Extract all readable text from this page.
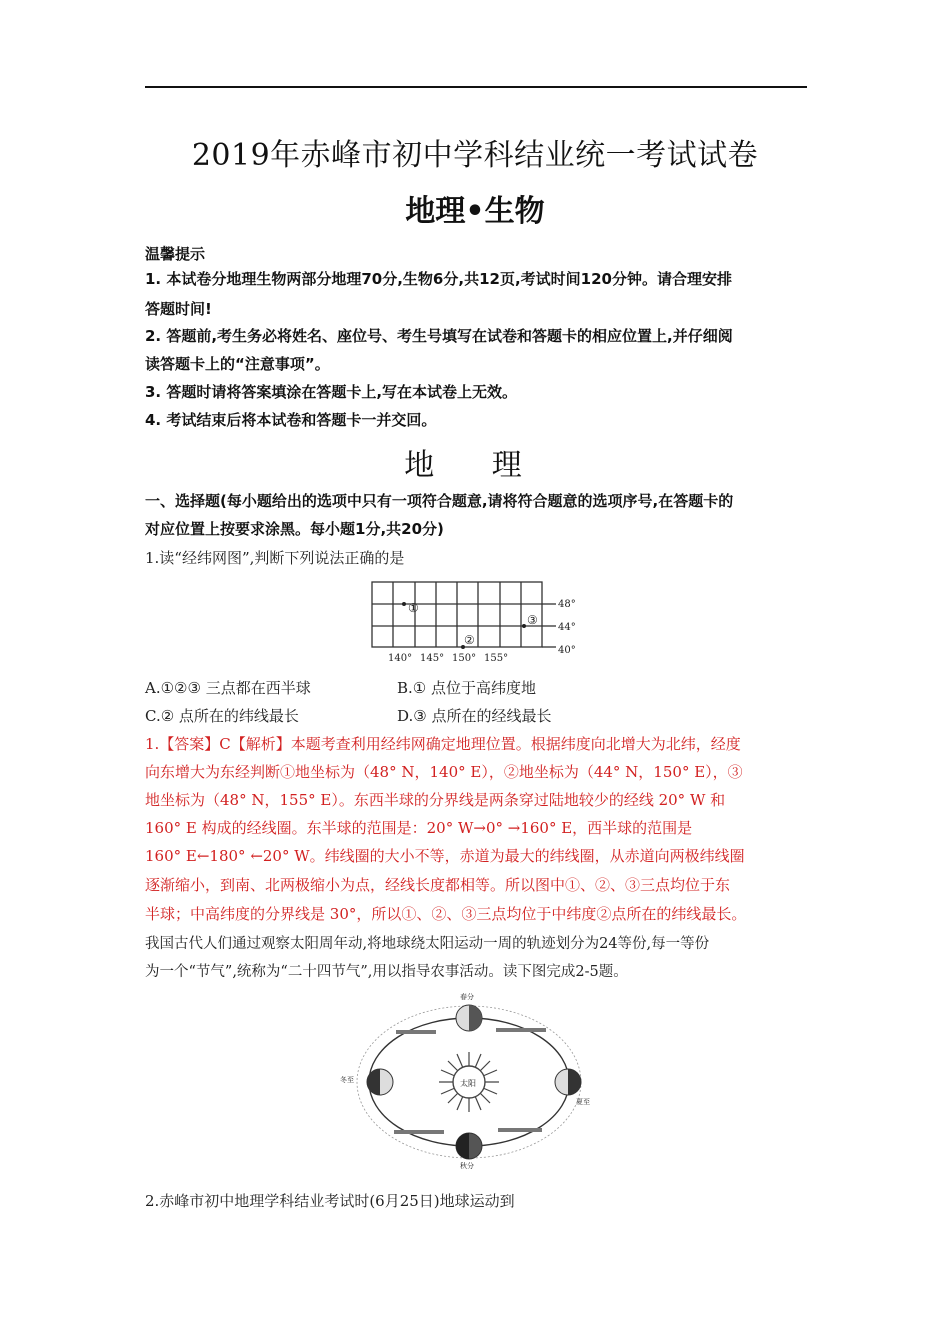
2019年赤峰市初中学科结业统一考试试卷
地理•生物
温馨提示
1. 本试卷分地理生物两部分地理70分,生物6分,共12页,考试时间120分钟。请合理安排
答题时间!
2. 答题前,考生务必将姓名、座位号、考生号填写在试卷和答题卡的相应位置上,并仔细阅
读答题卡上的“注意事项”。
3. 答题时请将答案填涂在答题卡上,写在本试卷上无效。
4. 考试结束后将本试卷和答题卡一并交回。
地 理
一、选择题(每小题给出的选项中只有一项符合题意,请将符合题意的选项序号,在答题卡的
对应位置上按要求涂黑。每小题1分,共20分)
1.读“经纬网图”,判断下列说法正确的是
①
②
③
48°
44°
40°
140° 145° 150° 155°
A.①②③ 三点都在西半球	B.① 点位于高纬度地
C.② 点所在的纬线最长	D.③ 点所在的经线最长
1.【答案】C【解析】本题考查利用经纬网确定地理位置。根据纬度向北增大为北纬，经度
向东增大为东经判断①地坐标为（48° N，140° E），②地坐标为（44° N，150° E），③
地坐标为（48° N，155° E）。东西半球的分界线是两条穿过陆地较少的经线 20° W 和
160° E 构成的经线圈。东半球的范围是：20° W→0° →160° E，西半球的范围是
160° E←180° ←20° W。纬线圈的大小不等，赤道为最大的纬线圈，从赤道向两极纬线圈
逐渐缩小，到南、北两极缩小为点，经线长度都相等。所以图中①、②、③三点均位于东
半球；中高纬度的分界线是 30°，所以①、②、③三点均位于中纬度②点所在的纬线最长。
我国古代人们通过观察太阳周年动,将地球绕太阳运动一周的轨迹划分为24等份,每一等份
为一个“节气”,统称为“二十四节气”,用以指导农事活动。读下图完成2-5题。
太阳
春分
夏至
秋分
冬至
2.赤峰市初中地理学科结业考试时(6月25日)地球运动到
